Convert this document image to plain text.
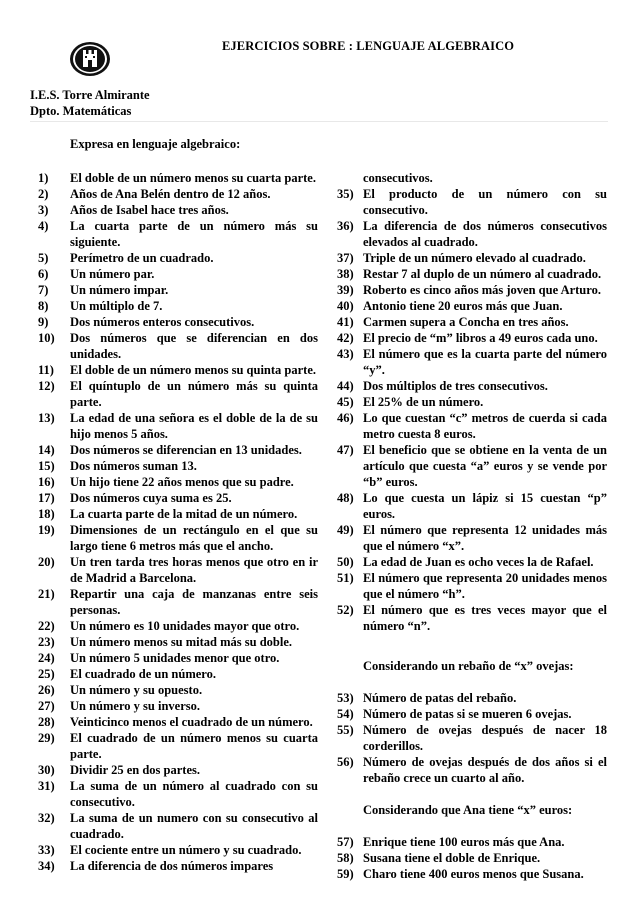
EJERCICIOS SOBRE : LENGUAJE ALGEBRAICO
I.E.S. Torre Almirante
Dpto. Matemáticas
Expresa en lenguaje algebraico:
1)	El doble de un número menos su cuarta parte.
2)	Años de Ana Belén dentro de 12 años.
3)	Años de Isabel hace tres años.
4)	La cuarta parte de un número más su siguiente.
5)	Perímetro de un cuadrado.
6)	Un número par.
7)	Un número impar.
8)	Un múltiplo de 7.
9)	Dos números enteros consecutivos.
10)	Dos números que se diferencian en dos unidades.
11)	El doble de un número menos su quinta parte.
12)	El quíntuplo de un número más su quinta parte.
13)	La edad de una señora es el doble de la de su hijo menos 5 años.
14)	Dos números se diferencian en 13 unidades.
15)	Dos números suman 13.
16)	Un hijo tiene 22 años menos que su padre.
17)	Dos números cuya suma es 25.
18)	La cuarta parte de la mitad de un número.
19)	Dimensiones de un rectángulo en el que su largo tiene 6 metros más que el ancho.
20)	Un tren tarda tres horas menos que otro en ir de Madrid a Barcelona.
21)	Repartir una caja de manzanas entre seis personas.
22)	Un número es 10 unidades mayor que otro.
23)	Un número menos su mitad más su doble.
24)	Un número 5 unidades menor que otro.
25)	El cuadrado de un número.
26)	Un número y su opuesto.
27)	Un número y su inverso.
28)	Veinticinco menos el cuadrado de un número.
29)	El cuadrado de un número menos su cuarta parte.
30)	Dividir 25 en dos partes.
31)	La suma de un número al cuadrado con su consecutivo.
32)	La suma de un numero con su consecutivo al cuadrado.
33)	El cociente entre un número y su cuadrado.
34)	La diferencia de dos números impares
consecutivos.
35) El producto de un número con su consecutivo.
36) La diferencia de dos números consecutivos elevados al cuadrado.
37) Triple de un número elevado al cuadrado.
38) Restar 7 al duplo de un número al cuadrado.
39) Roberto es cinco años más joven que Arturo.
40) Antonio tiene 20 euros más que Juan.
41) Carmen supera a Concha en tres años.
42) El precio de “m” libros a 49 euros cada uno.
43) El número que es la cuarta parte del número “y”.
44) Dos múltiplos de tres consecutivos.
45) El 25% de un número.
46) Lo que cuestan “c” metros de cuerda si cada metro cuesta 8 euros.
47) El beneficio que se obtiene en la venta de un artículo que cuesta “a” euros y se vende por “b” euros.
48) Lo que cuesta un lápiz si 15 cuestan “p” euros.
49) El número que representa 12 unidades más que el número “x”.
50) La edad de Juan es ocho veces la de Rafael.
51) El número que representa 20 unidades menos que el número “h”.
52) El número que es tres veces mayor que el número “n”.
Considerando un rebaño de “x” ovejas:
53) Número de patas del rebaño.
54) Número de patas si se mueren 6 ovejas.
55) Número de ovejas después de nacer 18 corderillos.
56) Número de ovejas después de dos años si el rebaño crece un cuarto al año.
Considerando que Ana tiene “x” euros:
57) Enrique tiene 100 euros más que Ana.
58) Susana tiene el doble de Enrique.
59) Charo tiene 400 euros menos que Susana.
